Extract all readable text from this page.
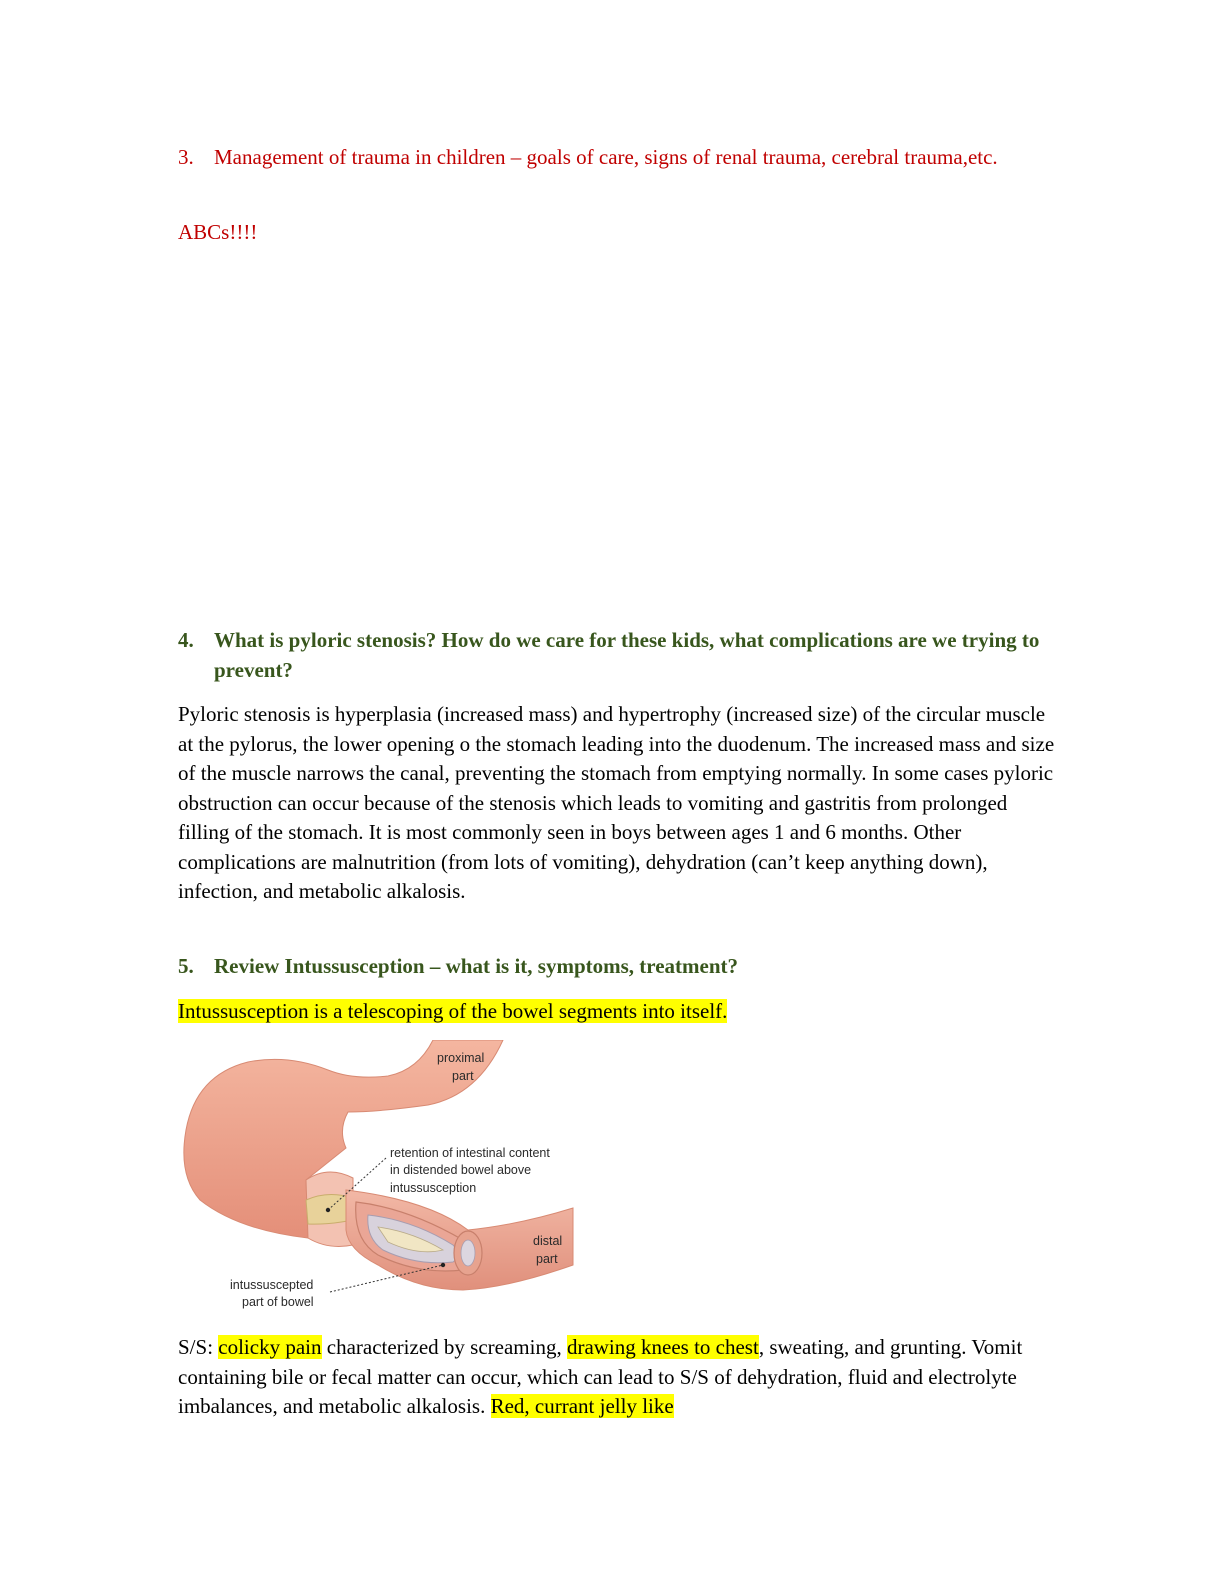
3. Management of trauma in children – goals of care, signs of renal trauma, cerebral trauma,etc.
ABCs!!!!
4. What is pyloric stenosis? How do we care for these kids, what complications are we trying to prevent?
Pyloric stenosis is hyperplasia (increased mass) and hypertrophy (increased size) of the circular muscle at the pylorus, the lower opening o the stomach leading into the duodenum. The increased mass and size of the muscle narrows the canal, preventing the stomach from emptying normally. In some cases pyloric obstruction can occur because of the stenosis which leads to vomiting and gastritis from prolonged filling of the stomach. It is most commonly seen in boys between ages 1 and 6 months. Other complications are malnutrition (from lots of vomiting), dehydration (can’t keep anything down), infection, and metabolic alkalosis.
5. Review Intussusception – what is it, symptoms, treatment?
Intussusception is a telescoping of the bowel segments into itself.
proximal
part
retention of intestinal content
in distended bowel above
intussusception
distal
part
intussuscepted
part of bowel
S/S: colicky pain characterized by screaming, drawing knees to chest, sweating, and grunting. Vomit containing bile or fecal matter can occur, which can lead to S/S of dehydration, fluid and electrolyte imbalances, and metabolic alkalosis. Red, currant jelly like
